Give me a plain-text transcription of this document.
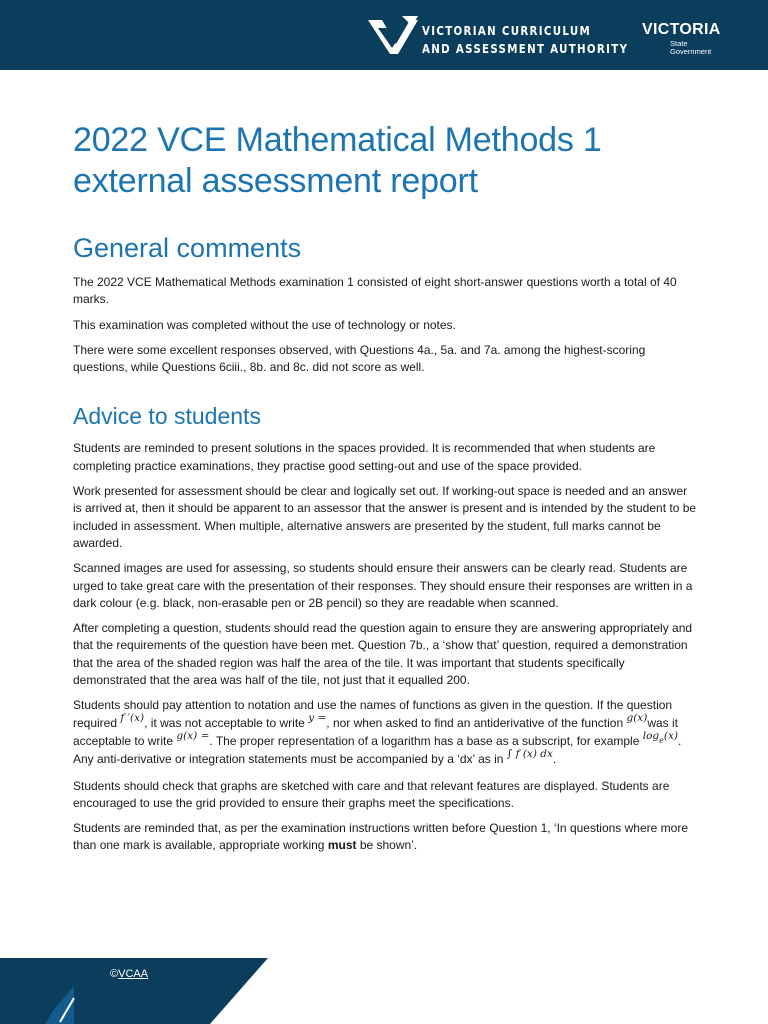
VICTORIAN CURRICULUM
AND ASSESSMENT AUTHORITY
VICTORIA
State
Government
2022 VCE Mathematical Methods 1
external assessment report
General comments

The 2022 VCE Mathematical Methods examination 1 consisted of eight short-answer questions worth a total of 40 marks.

This examination was completed without the use of technology or notes.

There were some excellent responses observed, with Questions 4a., 5a. and 7a. among the highest-scoring questions, while Questions 6ciii., 8b. and 8c. did not score as well.

Advice to students

Students are reminded to present solutions in the spaces provided. It is recommended that when students are completing practice examinations, they practise good setting-out and use of the space provided.

Work presented for assessment should be clear and logically set out. If working-out space is needed and an answer is arrived at, then it should be apparent to an assessor that the answer is present and is intended by the student to be included in assessment. When multiple, alternative answers are presented by the student, full marks cannot be awarded.

Scanned images are used for assessing, so students should ensure their answers can be clearly read. Students are urged to take great care with the presentation of their responses. They should ensure their responses are written in a dark colour (e.g. black, non-erasable pen or 2B pencil) so they are readable when scanned.

After completing a question, students should read the question again to ensure they are answering appropriately and that the requirements of the question have been met. Question 7b., a ‘show that’ question, required a demonstration that the area of the shaded region was half the area of the tile. It was important that students specifically demonstrated that the area was half of the tile, not just that it equalled 200.

Students should pay attention to notation and use the names of functions as given in the question. If the question required f ′(x), it was not acceptable to write y =, nor when asked to find an antiderivative of the function g(x)was it acceptable to write g(x) =. The proper representation of a logarithm has a base as a subscript, for example $\log_e(x)$. Any anti-derivative or integration statements must be accompanied by a ‘dx’ as in ∫ f (x) dx.

Students should check that graphs are sketched with care and that relevant features are displayed. Students are encouraged to use the grid provided to ensure their graphs meet the specifications.

Students are reminded that, as per the examination instructions written before Question 1, ‘In questions where more than one mark is available, appropriate working must be shown’.

©VCAA
